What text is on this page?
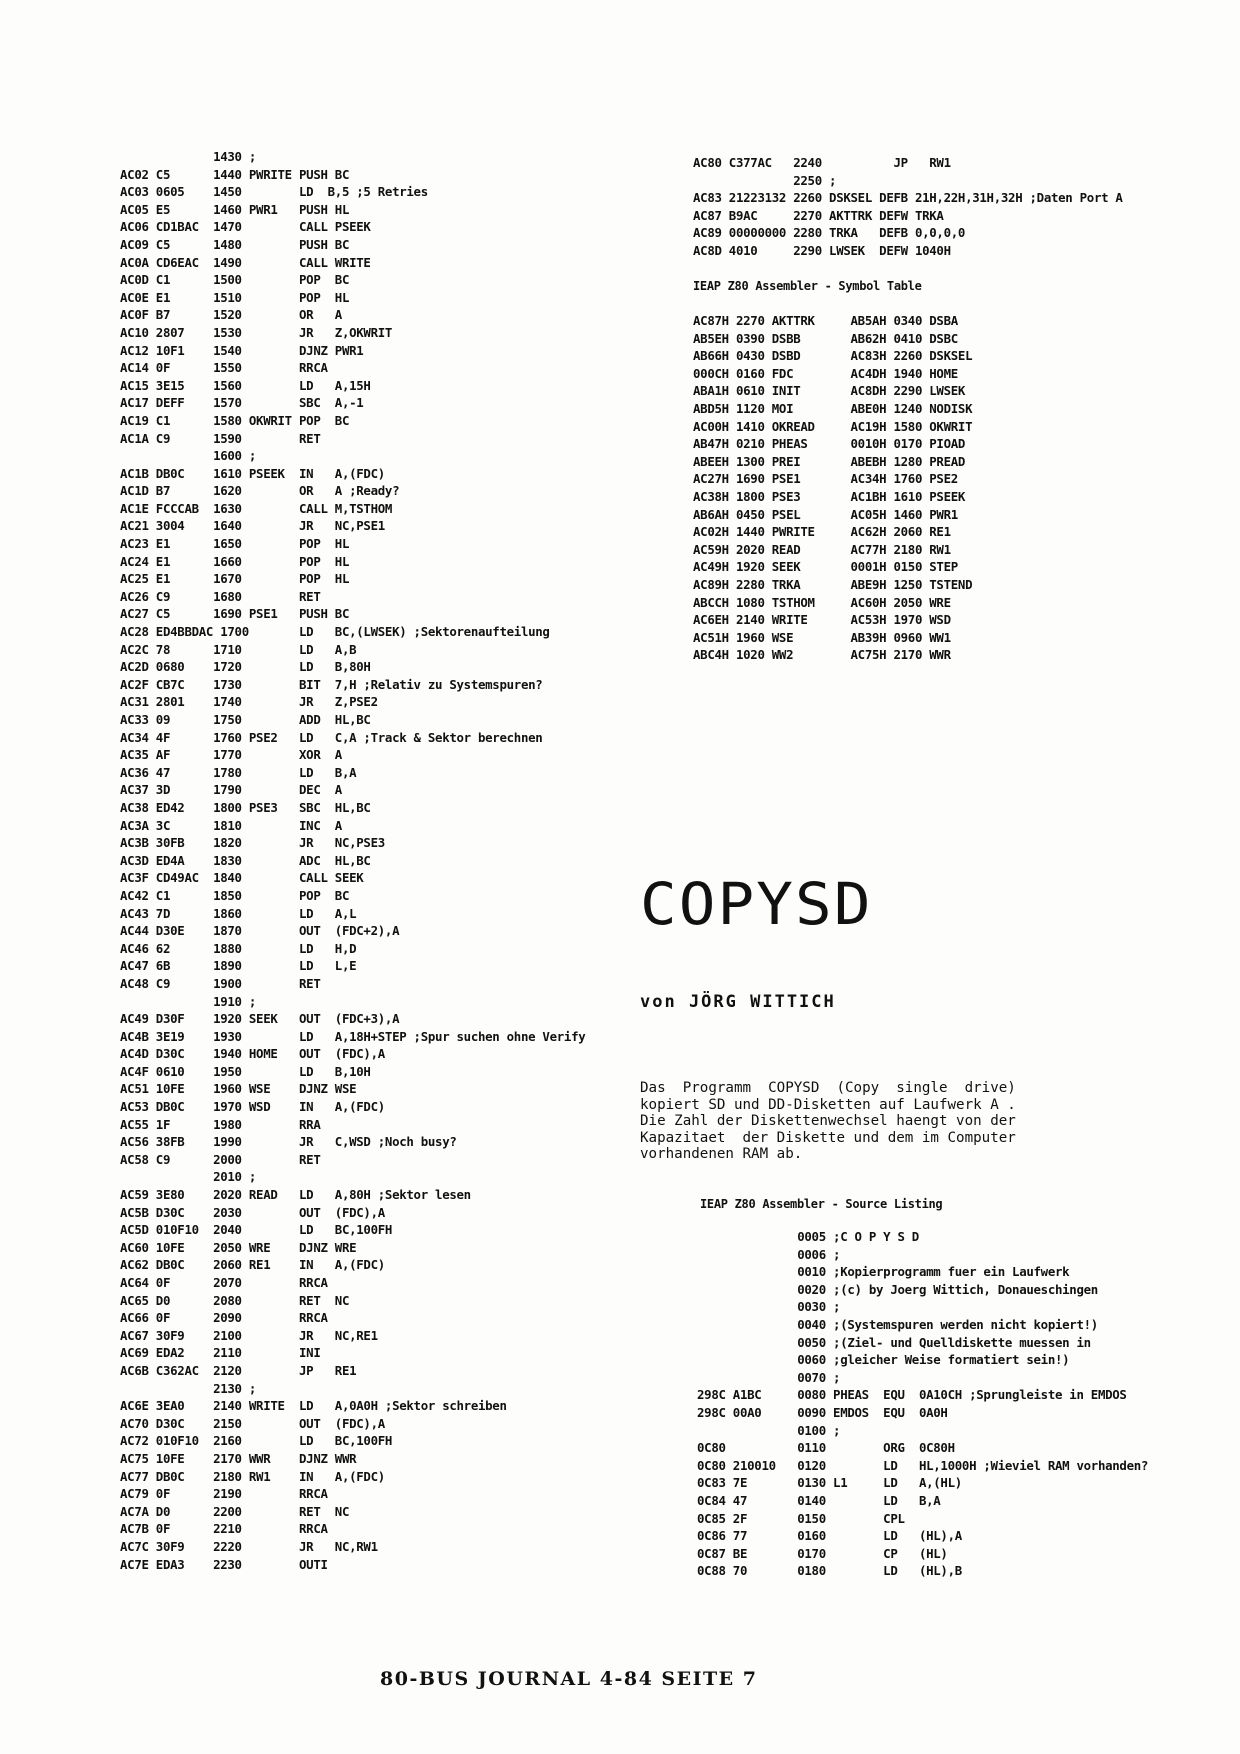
1430 ;
AC02 C5      1440 PWRITE PUSH BC
AC03 0605    1450        LD  B,5 ;5 Retries
AC05 E5      1460 PWR1   PUSH HL
AC06 CD1BAC  1470        CALL PSEEK
AC09 C5      1480        PUSH BC
AC0A CD6EAC  1490        CALL WRITE
AC0D C1      1500        POP  BC
AC0E E1      1510        POP  HL
AC0F B7      1520        OR   A
AC10 2807    1530        JR   Z,OKWRIT
AC12 10F1    1540        DJNZ PWR1
AC14 0F      1550        RRCA
AC15 3E15    1560        LD   A,15H
AC17 DEFF    1570        SBC  A,-1
AC19 C1      1580 OKWRIT POP  BC
AC1A C9      1590        RET
1600 ;
AC1B DB0C    1610 PSEEK  IN   A,(FDC)
AC1D B7      1620        OR   A ;Ready?
AC1E FCCCAB  1630        CALL M,TSTHOM
AC21 3004    1640        JR   NC,PSE1
AC23 E1      1650        POP  HL
AC24 E1      1660        POP  HL
AC25 E1      1670        POP  HL
AC26 C9      1680        RET
AC27 C5      1690 PSE1   PUSH BC
AC28 ED4BBDAC 1700       LD   BC,(LWSEK) ;Sektorenaufteilung
AC2C 78      1710        LD   A,B
AC2D 0680    1720        LD   B,80H
AC2F CB7C    1730        BIT  7,H ;Relativ zu Systemspuren?
AC31 2801    1740        JR   Z,PSE2
AC33 09      1750        ADD  HL,BC
AC34 4F      1760 PSE2   LD   C,A ;Track & Sektor berechnen
AC35 AF      1770        XOR  A
AC36 47      1780        LD   B,A
AC37 3D      1790        DEC  A
AC38 ED42    1800 PSE3   SBC  HL,BC
AC3A 3C      1810        INC  A
AC3B 30FB    1820        JR   NC,PSE3
AC3D ED4A    1830        ADC  HL,BC
AC3F CD49AC  1840        CALL SEEK
AC42 C1      1850        POP  BC
AC43 7D      1860        LD   A,L
AC44 D30E    1870        OUT  (FDC+2),A
AC46 62      1880        LD   H,D
AC47 6B      1890        LD   L,E
AC48 C9      1900        RET
1910 ;
AC49 D30F    1920 SEEK   OUT  (FDC+3),A
AC4B 3E19    1930        LD   A,18H+STEP ;Spur suchen ohne Verify
AC4D D30C    1940 HOME   OUT  (FDC),A
AC4F 0610    1950        LD   B,10H
AC51 10FE    1960 WSE    DJNZ WSE
AC53 DB0C    1970 WSD    IN   A,(FDC)
AC55 1F      1980        RRA
AC56 38FB    1990        JR   C,WSD ;Noch busy?
AC58 C9      2000        RET
2010 ;
AC59 3E80    2020 READ   LD   A,80H ;Sektor lesen
AC5B D30C    2030        OUT  (FDC),A
AC5D 010F10  2040        LD   BC,100FH
AC60 10FE    2050 WRE    DJNZ WRE
AC62 DB0C    2060 RE1    IN   A,(FDC)
AC64 0F      2070        RRCA
AC65 D0      2080        RET  NC
AC66 0F      2090        RRCA
AC67 30F9    2100        JR   NC,RE1
AC69 EDA2    2110        INI
AC6B C362AC  2120        JP   RE1
2130 ;
AC6E 3EA0    2140 WRITE  LD   A,0A0H ;Sektor schreiben
AC70 D30C    2150        OUT  (FDC),A
AC72 010F10  2160        LD   BC,100FH
AC75 10FE    2170 WWR    DJNZ WWR
AC77 DB0C    2180 RW1    IN   A,(FDC)
AC79 0F      2190        RRCA
AC7A D0      2200        RET  NC
AC7B 0F      2210        RRCA
AC7C 30F9    2220        JR   NC,RW1
AC7E EDA3    2230        OUTI
AC80 C377AC   2240          JP   RW1
2250 ;
AC83 21223132 2260 DSKSEL DEFB 21H,22H,31H,32H ;Daten Port A
AC87 B9AC     2270 AKTTRK DEFW TRKA
AC89 00000000 2280 TRKA   DEFB 0,0,0,0
AC8D 4010     2290 LWSEK  DEFW 1040H
IEAP Z80 Assembler - Symbol Table
AC87H 2270 AKTTRK     AB5AH 0340 DSBA
AB5EH 0390 DSBB       AB62H 0410 DSBC
AB66H 0430 DSBD       AC83H 2260 DSKSEL
000CH 0160 FDC        AC4DH 1940 HOME
ABA1H 0610 INIT       AC8DH 2290 LWSEK
ABD5H 1120 MOI        ABE0H 1240 NODISK
AC00H 1410 OKREAD     AC19H 1580 OKWRIT
AB47H 0210 PHEAS      0010H 0170 PIOAD
ABEEH 1300 PREI       ABEBH 1280 PREAD
AC27H 1690 PSE1       AC34H 1760 PSE2
AC38H 1800 PSE3       AC1BH 1610 PSEEK
AB6AH 0450 PSEL       AC05H 1460 PWR1
AC02H 1440 PWRITE     AC62H 2060 RE1
AC59H 2020 READ       AC77H 2180 RW1
AC49H 1920 SEEK       0001H 0150 STEP
AC89H 2280 TRKA       ABE9H 1250 TSTEND
ABCCH 1080 TSTHOM     AC60H 2050 WRE
AC6EH 2140 WRITE      AC53H 1970 WSD
AC51H 1960 WSE        AB39H 0960 WW1
ABC4H 1020 WW2        AC75H 2170 WWR
COPYSD
von JÖRG WITTICH
Das  Programm  COPYSD  (Copy  single  drive)
kopiert SD und DD-Disketten auf Laufwerk A .
Die Zahl der Diskettenwechsel haengt von der
Kapazitaet  der Diskette und dem im Computer
vorhandenen RAM ab.
IEAP Z80 Assembler - Source Listing
0005 ;C O P Y S D
0006 ;
0010 ;Kopierprogramm fuer ein Laufwerk
0020 ;(c) by Joerg Wittich, Donaueschingen
0030 ;
0040 ;(Systemspuren werden nicht kopiert!)
0050 ;(Ziel- und Quelldiskette muessen in
0060 ;gleicher Weise formatiert sein!)
0070 ;
298C A1BC     0080 PHEAS  EQU  0A10CH ;Sprungleiste in EMDOS
298C 00A0     0090 EMDOS  EQU  0A0H
0100 ;
0C80          0110        ORG  0C80H
0C80 210010   0120        LD   HL,1000H ;Wieviel RAM vorhanden?
0C83 7E       0130 L1     LD   A,(HL)
0C84 47       0140        LD   B,A
0C85 2F       0150        CPL
0C86 77       0160        LD   (HL),A
0C87 BE       0170        CP   (HL)
0C88 70       0180        LD   (HL),B
80-BUS JOURNAL 4-84 SEITE 7
